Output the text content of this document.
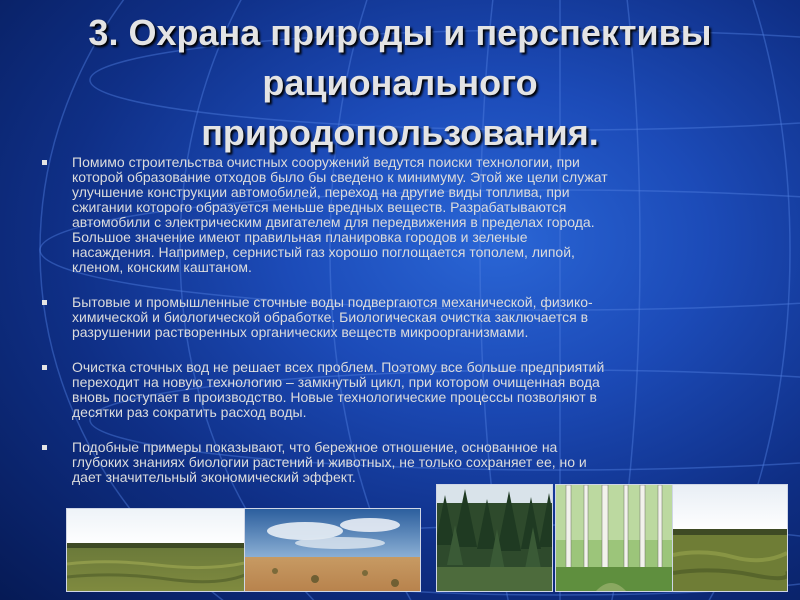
3. Охрана природы и перспективы
рационального
природопользования.
Помимо строительства очистных сооружений ведутся поиски технологии, при
которой образование отходов было бы сведено к минимуму. Этой же цели служат
улучшение конструкции автомобилей, переход на другие виды топлива, при
сжигании которого образуется меньше вредных веществ. Разрабатываются
автомобили с электрическим двигателем для передвижения в пределах города.
Большое значение имеют правильная планировка городов и зеленые
насаждения. Например, сернистый газ хорошо поглощается тополем, липой,
кленом, конским каштаном.
Бытовые и промышленные сточные воды подвергаются механической, физико-
химической и биологической обработке. Биологическая очистка заключается в
разрушении растворенных органических веществ микроорганизмами.
Очистка сточных вод не решает всех проблем. Поэтому все больше предприятий
переходит на новую технологию – замкнутый цикл, при котором очищенная вода
вновь поступает в производство. Новые технологические процессы позволяют в
десятки раз сократить расход воды.
Подобные примеры показывают, что бережное отношение, основанное на
глубоких знаниях биологии растений и животных, не только сохраняет ее, но и
дает значительный экономический эффект.
